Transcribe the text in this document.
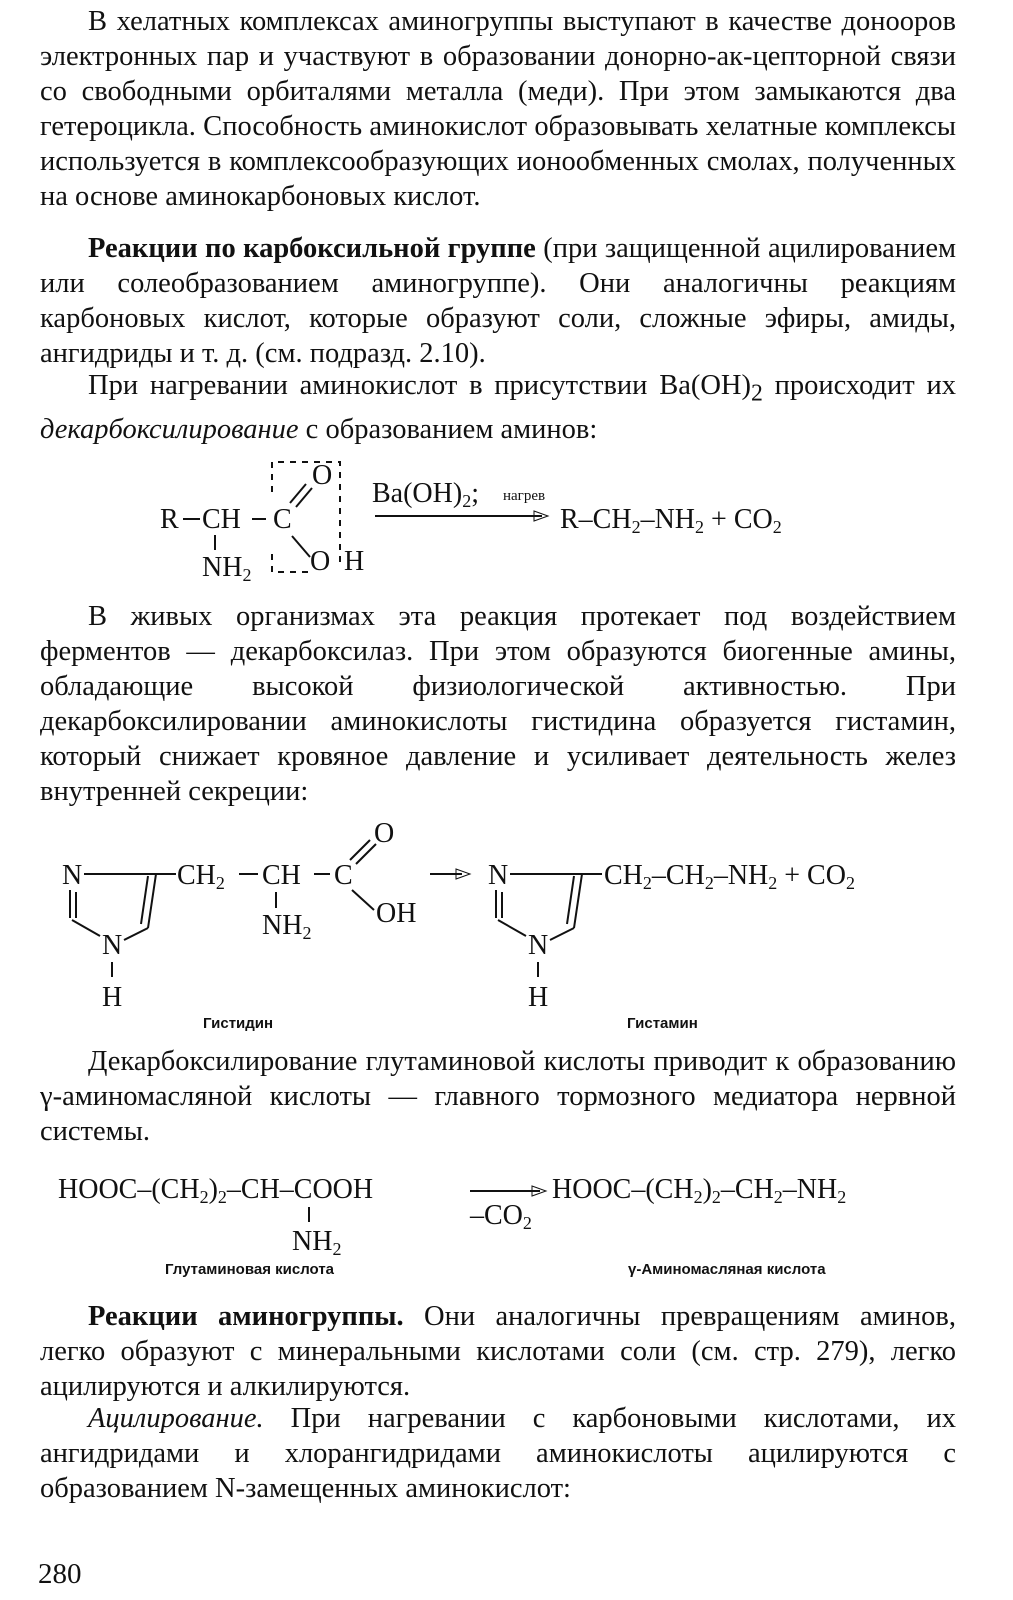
В хелатных комплексах аминогруппы выступают в качестве донооров электронных пар и участвуют в образовании донорно-ак-цепторной связи со свободными орбиталями металла (меди). При этом замыкаются два гетероцикла. Способность аминокислот образовывать хелатные комплексы используется в комплексообразующих ионообменных смолах, полученных на основе аминокарбоновых кислот.

Реакции по карбоксильной группе (при защищенной ацилированием или солеобразованием аминогруппе). Они аналогичны реакциям карбоновых кислот, которые образуют соли, сложные эфиры, амиды, ангидриды и т. д. (см. подразд. 2.10).

При нагревании аминокислот в присутствии $Ba(OH)_2$ происходит их декарбоксилирование с образованием аминов:

R CH C
NH2
O
O H
Ba(OH)2; нагрев
R–CH2–NH2 + CO2

В живых организмах эта реакция протекает под воздействием ферментов — декарбоксилаз. При этом образуются биогенные амины, обладающие высокой физиологической активностью. При декарбоксилировании аминокислоты гистидина образуется гистамин, который снижает кровяное давление и усиливает деятельность желез внутренней секреции:

N
N
H
CH2 CH C
O
OH
NH2
N
N
H
CH2–CH2–NH2 + CO2
Гистидин	Гистамин

Декарбоксилирование глутаминовой кислоты приводит к образованию γ-аминомасляной кислоты — главного тормозного медиатора нервной системы.

HOOC–(CH2)2–CH–COOH
NH2
–CO2
HOOC–(CH2)2–CH2–NH2
Глутаминовая кислота	γ-Аминомасляная кислота

Реакции аминогруппы. Они аналогичны превращениям аминов, легко образуют с минеральными кислотами соли (см. стр. 279), легко ацилируются и алкилируются.

Ацилирование. При нагревании с карбоновыми кислотами, их ангидридами и хлорангидридами аминокислоты ацилируются с образованием N-замещенных аминокислот:

280
